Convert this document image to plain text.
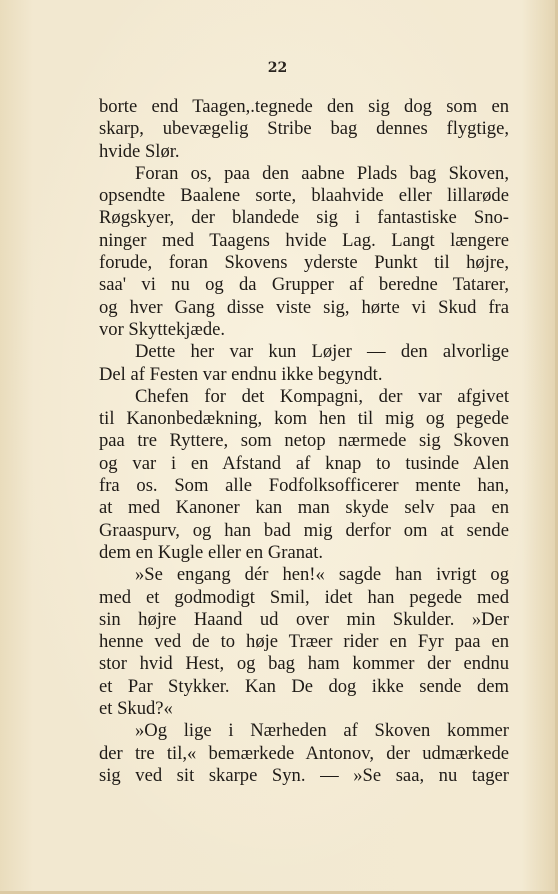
22

borte end Taagen,.tegnede den sig dog som en
skarp, ubevægelig Stribe bag dennes flygtige,
hvide Slør.
Foran os, paa den aabne Plads bag Skoven,
opsendte Baalene sorte, blaahvide eller lillarøde
Røgskyer, der blandede sig i fantastiske Sno-
ninger med Taagens hvide Lag. Langt længere
forude, foran Skovens yderste Punkt til højre,
saa' vi nu og da Grupper af beredne Tatarer,
og hver Gang disse viste sig, hørte vi Skud fra
vor Skyttekjæde.
Dette her var kun Løjer — den alvorlige
Del af Festen var endnu ikke begyndt.
Chefen for det Kompagni, der var afgivet
til Kanonbedækning, kom hen til mig og pegede
paa tre Ryttere, som netop nærmede sig Skoven
og var i en Afstand af knap to tusinde Alen
fra os. Som alle Fodfolksofficerer mente han,
at med Kanoner kan man skyde selv paa en
Graaspurv, og han bad mig derfor om at sende
dem en Kugle eller en Granat.
»Se engang dér hen!« sagde han ivrigt og
med et godmodigt Smil, idet han pegede med
sin højre Haand ud over min Skulder. »Der
henne ved de to høje Træer rider en Fyr paa en
stor hvid Hest, og bag ham kommer der endnu
et Par Stykker. Kan De dog ikke sende dem
et Skud?«
»Og lige i Nærheden af Skoven kommer
der tre til,« bemærkede Antonov, der udmærkede
sig ved sit skarpe Syn. — »Se saa, nu tager
